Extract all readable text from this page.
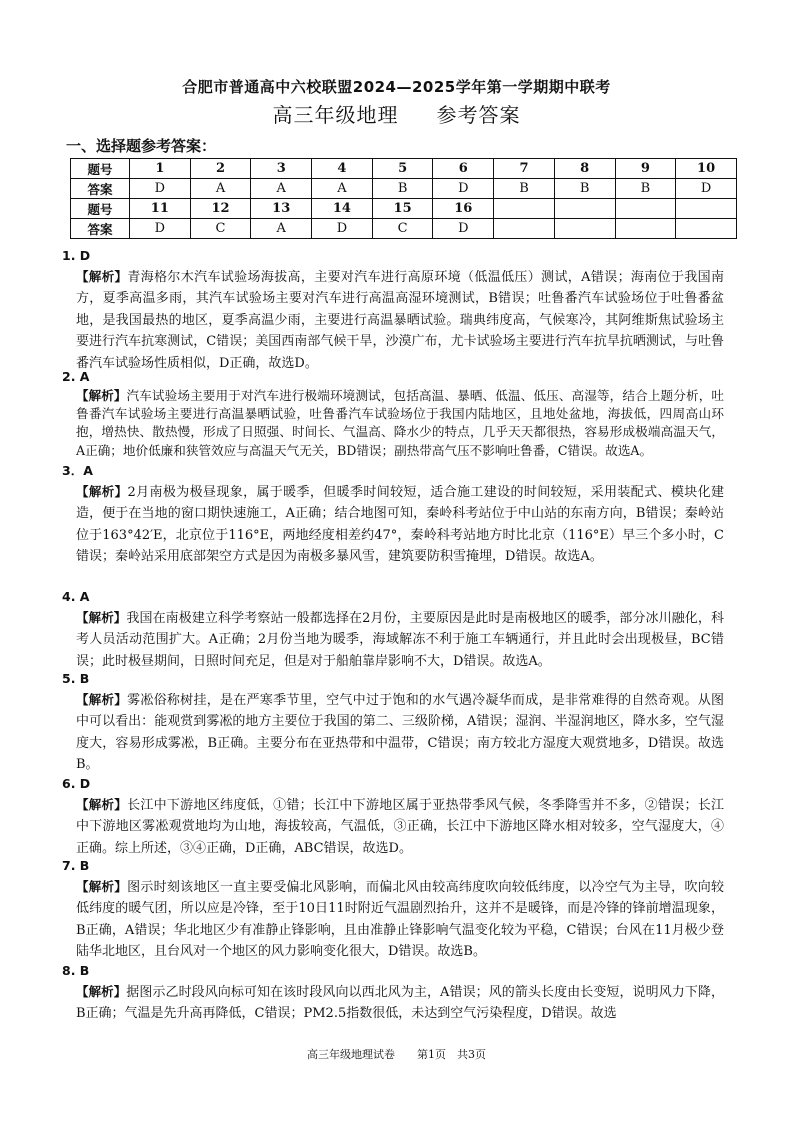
合肥市普通高中六校联盟2024—2025学年第一学期期中联考
高三年级地理 参考答案
一、选择题参考答案：
题号	1	2	3	4	5	6	7	8	9	10
答案	D	A	A	A	B	D	B	B	B	D
题号	11	12	13	14	15	16				
答案	D	C	A	D	C	D				
1. D

【解析】青海格尔木汽车试验场海拔高，主要对汽车进行高原环境（低温低压）测试，A错误；海南位于我国南方，夏季高温多雨，其汽车试验场主要对汽车进行高温高湿环境测试，B错误；吐鲁番汽车试验场位于吐鲁番盆地，是我国最热的地区，夏季高温少雨，主要进行高温暴晒试验。瑞典纬度高，气候寒冷，其阿维斯焦试验场主要进行汽车抗寒测试，C错误；美国西南部气候干旱，沙漠广布，尤卡试验场主要进行汽车抗旱抗晒测试，与吐鲁番汽车试验场性质相似，D正确，故选D。

2. A

【解析】汽车试验场主要用于对汽车进行极端环境测试，包括高温、暴晒、低温、低压、高湿等，结合上题分析，吐鲁番汽车试验场主要进行高温暴晒试验，吐鲁番汽车试验场位于我国内陆地区，且地处盆地，海拔低，四周高山环抱，增热快、散热慢，形成了日照强、时间长、气温高、降水少的特点，几乎天天都很热，容易形成极端高温天气，A正确；地价低廉和狭管效应与高温天气无关，BD错误；副热带高气压不影响吐鲁番，C错误。故选A。

3．A

【解析】2月南极为极昼现象，属于暖季，但暖季时间较短，适合施工建设的时间较短，采用装配式、模块化建造，便于在当地的窗口期快速施工，A正确；结合地图可知，秦岭科考站位于中山站的东南方向，B错误；秦岭站位于163°42′E，北京位于116°E，两地经度相差约47°，秦岭科考站地方时比北京（116°E）早三个多小时，C错误；秦岭站采用底部架空方式是因为南极多暴风雪，建筑要防积雪掩埋，D错误。故选A。

4. A

【解析】我国在南极建立科学考察站一般都选择在2月份，主要原因是此时是南极地区的暖季，部分冰川融化，科考人员活动范围扩大。A正确；2月份当地为暖季，海域解冻不利于施工车辆通行，并且此时会出现极昼，BC错误；此时极昼期间，日照时间充足，但是对于船舶靠岸影响不大，D错误。故选A。

5. B

【解析】雾凇俗称树挂，是在严寒季节里，空气中过于饱和的水气遇冷凝华而成，是非常难得的自然奇观。从图中可以看出：能观赏到雾凇的地方主要位于我国的第二、三级阶梯，A错误；湿润、半湿润地区，降水多，空气湿度大，容易形成雾凇，B正确。主要分布在亚热带和中温带，C错误；南方较北方湿度大观赏地多，D错误。故选B。

6. D

【解析】长江中下游地区纬度低，①错；长江中下游地区属于亚热带季风气候，冬季降雪并不多，②错误；长江中下游地区雾凇观赏地均为山地，海拔较高，气温低，③正确，长江中下游地区降水相对较多，空气湿度大，④正确。综上所述，③④正确，D正确，ABC错误，故选D。

7. B

【解析】图示时刻该地区一直主要受偏北风影响，而偏北风由较高纬度吹向较低纬度，以冷空气为主导，吹向较低纬度的暖气团，所以应是冷锋，至于10日11时附近气温剧烈抬升，这并不是暖锋，而是冷锋的锋前增温现象，B正确，A错误；华北地区少有准静止锋影响，且由准静止锋影响气温变化较为平稳，C错误；台风在11月极少登陆华北地区，且台风对一个地区的风力影响变化很大，D错误。故选B。

8. B

【解析】据图示乙时段风向标可知在该时段风向以西北风为主，A错误；风的箭头长度由长变短，说明风力下降，B正确；气温是先升高再降低，C错误；PM2.5指数很低，未达到空气污染程度，D错误。故选

高三年级地理试卷　　第1页　共3页
